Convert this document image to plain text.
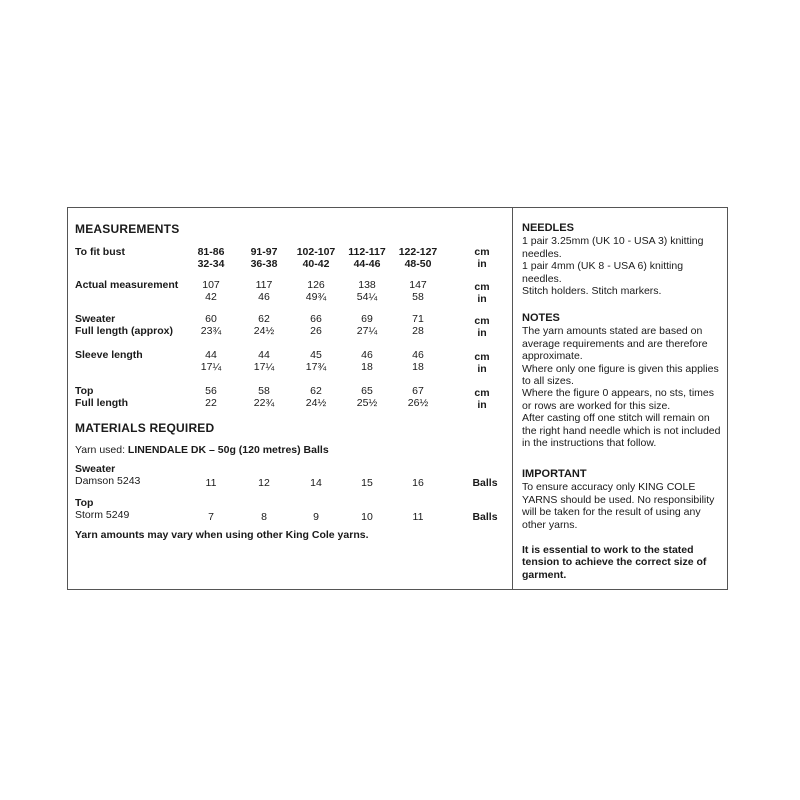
MEASUREMENTS
To fit bust	81-86	91-97	102-107	112-117	122-127	cm
32-34	36-38	40-42	44-46	48-50	in
Actual measurement	107	117	126	138	147	cm
42	46	49¾	54¼	58	in
Sweater
Full length (approx)
60	62	66	69	71	cm
23¾	24½	26	27¼	28	in
Sleeve length	44	44	45	46	46	cm
17¼	17¼	17¾	18	18	in
Top
Full length
56	58	62	65	67	cm
22	22¾	24½	25½	26½	in
MATERIALS REQUIRED
Yarn used: LINENDALE DK – 50g (120 metres) Balls
Sweater
Damson 5243	11	12	14	15	16	Balls
Top
Storm 5249	7	8	9	10	11	Balls
Yarn amounts may vary when using other King Cole yarns.
NEEDLES

1 pair 3.25mm (UK 10 - USA 3) knitting needles.

1 pair 4mm (UK 8 - USA 6) knitting needles.

Stitch holders. Stitch markers.

NOTES

The yarn amounts stated are based on average requirements and are therefore approximate.

Where only one figure is given this applies to all sizes.

Where the figure 0 appears, no sts, times or rows are worked for this size.

After casting off one stitch will remain on the right hand needle which is not included in the instructions that follow.

IMPORTANT

To ensure accuracy only KING COLE YARNS should be used. No responsibility will be taken for the result of using any other yarns.

It is essential to work to the stated tension to achieve the correct size of garment.
